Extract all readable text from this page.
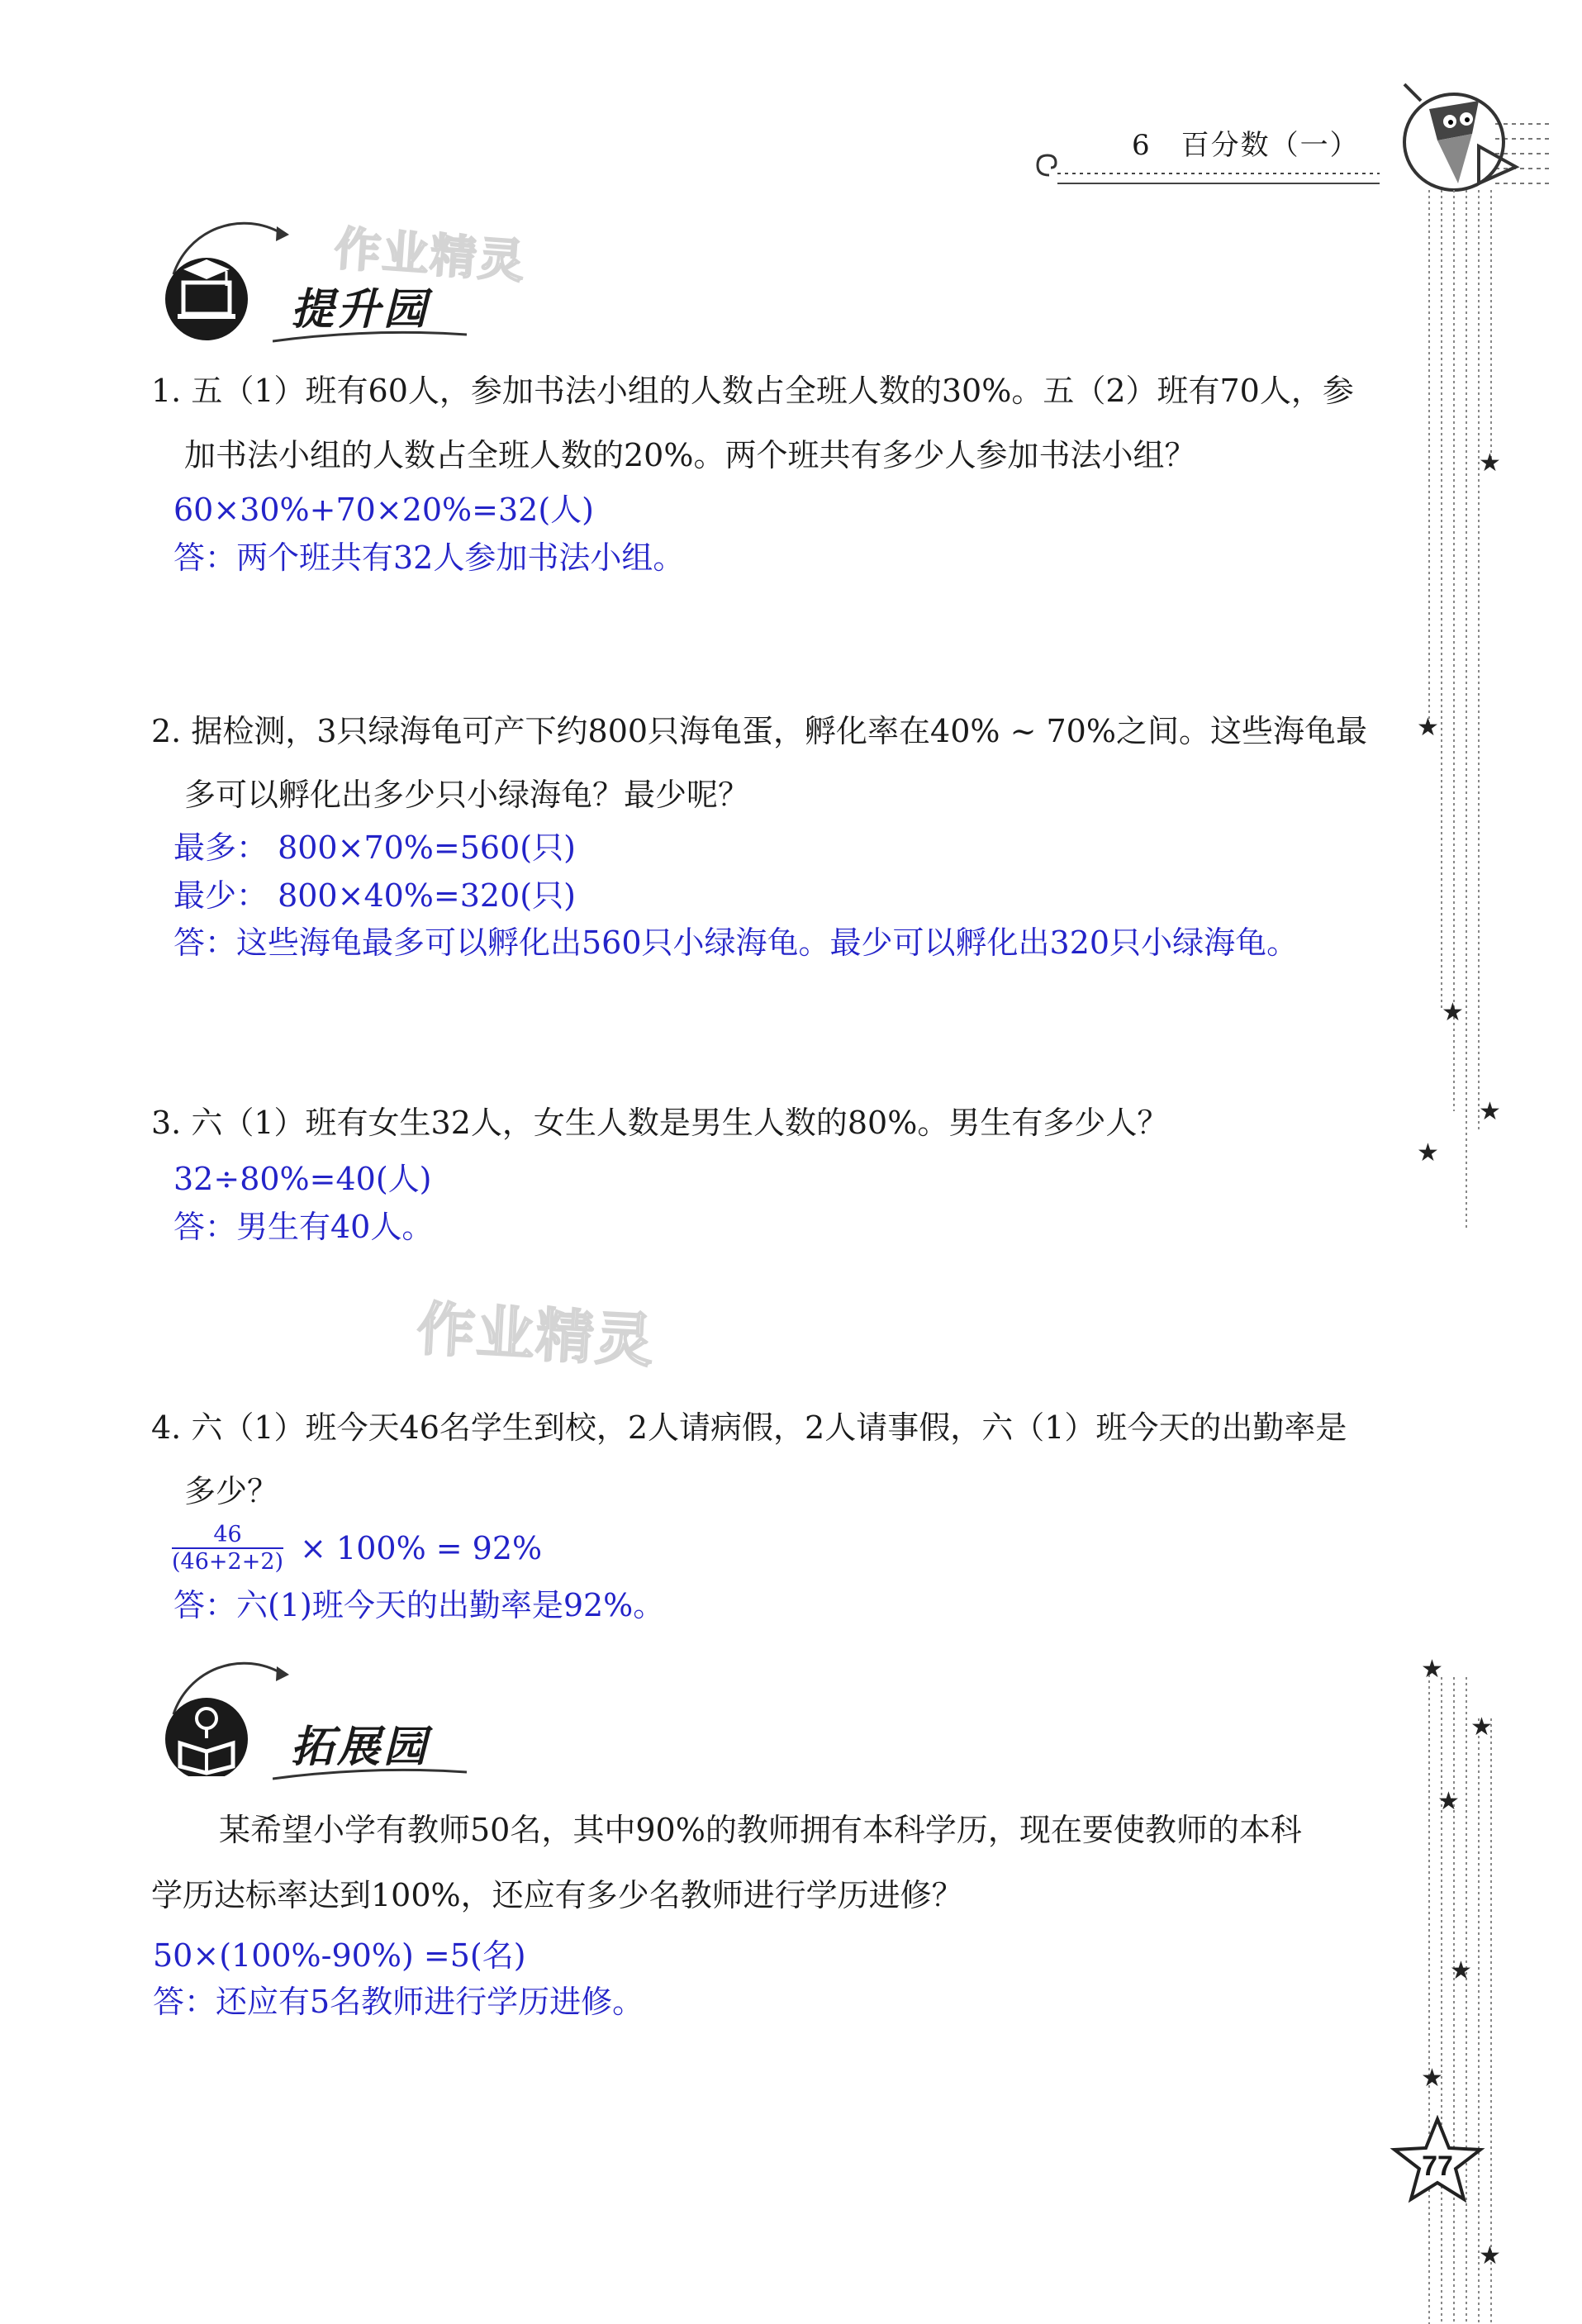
6　百分数（一）
★
★
★
★
★
★
★
★
★
★
★
提升园
作业精灵
1. 五（1）班有60人，参加书法小组的人数占全班人数的30%。五（2）班有70人，参
加书法小组的人数占全班人数的20%。两个班共有多少人参加书法小组？
60×30%+70×20%=32(人)
答：两个班共有32人参加书法小组。
2. 据检测，3只绿海龟可产下约800只海龟蛋，孵化率在40% ~ 70%之间。这些海龟最
多可以孵化出多少只小绿海龟？最少呢？
最多： 800×70%=560(只)
最少： 800×40%=320(只)
答：这些海龟最多可以孵化出560只小绿海龟。最少可以孵化出320只小绿海龟。
3. 六（1）班有女生32人，女生人数是男生人数的80%。男生有多少人？
32÷80%=40(人)
答：男生有40人。
作业精灵
4. 六（1）班今天46名学生到校，2人请病假，2人请事假，六（1）班今天的出勤率是
多少？
$\frac{46}{(46+2+2)} \times 100\% = 92\%$
答：六(1)班今天的出勤率是92%。
拓展园
某希望小学有教师50名，其中90%的教师拥有本科学历，现在要使教师的本科
学历达标率达到100%，还应有多少名教师进行学历进修？
50×(100%-90%) =5(名)
答：还应有5名教师进行学历进修。
77
